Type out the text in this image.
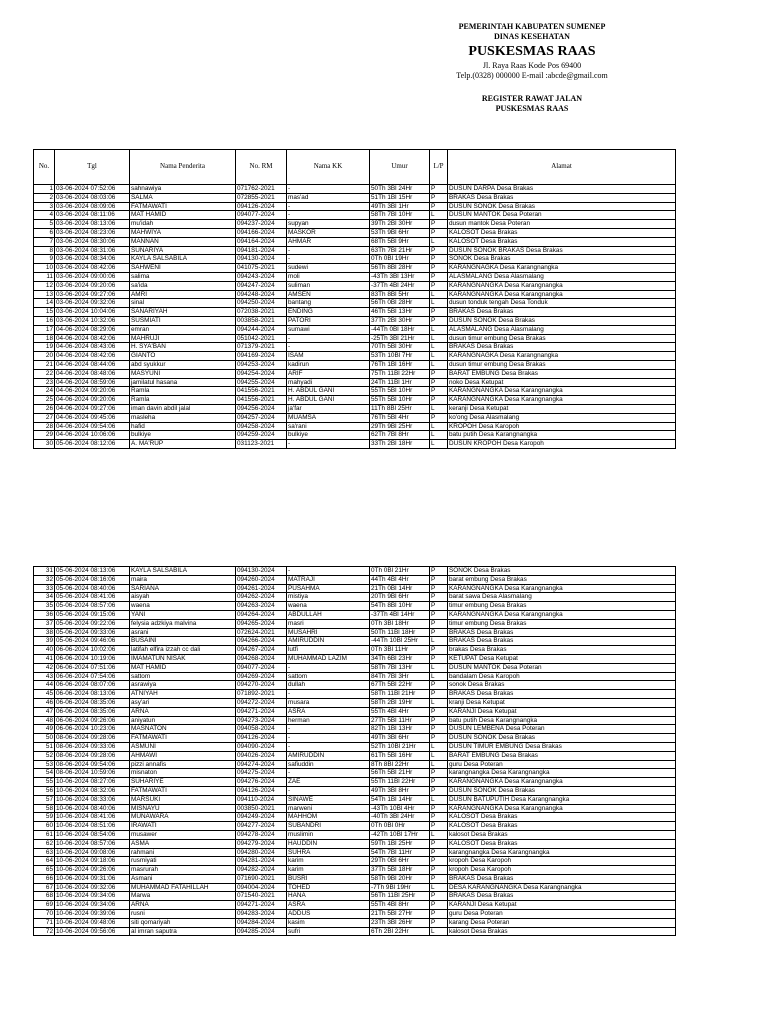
PEMERINTAH KABUPATEN SUMENEP
DINAS KESEHATAN
PUSKESMAS RAAS
Jl. Raya Raas Kode Pos 69400
Telp.(0328) 000000 E-mail :abcde@gmail.com
REGISTER RAWAT JALAN
PUSKESMAS RAAS
No.	Tgl	Nama Penderita	No. RM	Nama KK	Umur	L/P	Alamat
1	03-06-2024 07:52:06	sahnawiya	071762-2021	-	50Th 3Bl 24Hr	P	DUSUN DARPA Desa Brakas
2	03-06-2024 08:03:06	SALMA	072855-2021	mas'ad	51Th 1Bl 15Hr	P	BRAKAS Desa Brakas
3	03-06-2024 08:09:06	FATMAWATI	094126-2024	-	49Th 3Bl 1Hr	P	DUSUN SONOK Desa Brakas
4	03-06-2024 08:11:06	MAT HAMID	094077-2024	-	58Th 7Bl 10Hr	L	DUSUN MANTOK Desa Poteran
5	03-06-2024 08:13:06	mu'idah	094237-2024	supyan	39Th 2Bl 30Hr	P	dusun mantok Desa Poteran
6	03-06-2024 08:23:06	MAHWIYA	094166-2024	MASKOR	53Th 9Bl 6Hr	P	KALOSOT Desa Brakas
7	03-06-2024 08:30:06	MANNAN	094164-2024	AHMAR	68Th 5Bl 9Hr	L	KALOSOT Desa Brakas
8	03-06-2024 08:31:06	SUNARIYA	094181-2024	-	63Th 7Bl 21Hr	P	DUSUN SONOK BRAKAS Desa Brakas
9	03-06-2024 08:34:06	KAYLA SALSABILA	094130-2024	-	0Th 0Bl 19Hr	P	SONOK Desa Brakas
10	03-06-2024 08:42:06	SAHWENI	041075-2021	sudewi	56Th 8Bl 28Hr	P	KARANGNAGKA Desa Karangnangka
11	03-06-2024 09:00:06	salima	094243-2024	moli	-43Th 3Bl 13Hr	P	ALASMALANG Desa Alasmalang
12	03-06-2024 09:20:06	sa'ida	094247-2024	suliman	-37Th 4Bl 24Hr	P	KARANGNANGKA Desa Karangnangka
13	03-06-2024 09:27:06	AMRI	094248-2024	AMSEN	83Th 8Bl 5Hr	L	KARANGNANGKA Desa Karangnangka
14	03-06-2024 09:32:06	sinal	094250-2024	bantang	56Th 0Bl 28Hr	L	dusun tonduk tengah Desa Tonduk
15	03-06-2024 10:04:06	SANARIYAH	072038-2021	ENDING	46Th 5Bl 13Hr	P	BRAKAS Desa Brakas
16	03-06-2024 10:32:06	SUSMIATI	003858-2021	PATORI	37Th 2Bl 30Hr	P	DUSUN SONOK Desa Brakas
17	04-06-2024 08:29:06	emran	094244-2024	sumawi	-44Th 0Bl 18Hr	L	ALASMALANG Desa Alasmalang
18	04-06-2024 08:42:06	MAHRUJI	051042-2021	-	-25Th 3Bl 21Hr	L	dusun timur embung Desa Brakas
19	04-06-2024 08:43:06	H. SYA'BAN	071379-2021	-	70Th 5Bl 30Hr	L	BRAKAS Desa Brakas
20	04-06-2024 08:42:06	GIANTO	094169-2024	ISAM	53Th 10Bl 7Hr	L	KARANGNAGKA Desa Karangnangka
21	04-06-2024 08:44:06	abd syukkur	094253-2024	kadirun	76Th 1Bl 16Hr	L	dusun timur embung Desa Brakas
22	04-06-2024 08:48:06	MASYUNI	094254-2024	ARIF	75Th 11Bl 22Hr	P	BARAT EMBUNG Desa Brakas
23	04-06-2024 08:59:06	jamilatul hasana	094255-2024	mahyadi	24Th 11Bl 1Hr	P	noko Desa Ketupat
24	04-06-2024 09:20:06	Ramla	041556-2021	H. ABDUL GANI	55Th 5Bl 10Hr	P	KARANGNANGKA Desa Karangnangka
25	04-06-2024 09:20:06	Ramla	041556-2021	H. ABDUL GANI	55Th 5Bl 10Hr	P	KARANGNANGKA Desa Karangnangka
26	04-06-2024 09:27:06	iman davin abdil jalal	094256-2024	ja'far	11Th 8Bl 25Hr	L	keranji Desa Ketupat
27	04-06-2024 09:45:06	masleha	094257-2024	MUAMSA	76Th 5Bl 4Hr	P	ko'ong Desa Alasmalang
28	04-06-2024 09:54:06	hafid	094258-2024	sa'rani	29Th 9Bl 25Hr	L	KROPOH Desa Karopoh
29	04-06-2024 10:06:06	bulkiye	094259-2024	bulkiye	62Th 7Bl 8Hr	L	batu putih Desa Karangnangka
30	05-06-2024 08:12:06	A. MA'RUP	031123-2021	-	33Th 2Bl 18Hr	L	DUSUN KROPOH Desa Karopoh
31	05-06-2024 08:13:06	KAYLA SALSABILA	094130-2024	-	0Th 0Bl 21Hr	P	SONOK Desa Brakas
32	05-06-2024 08:16:06	maira	094260-2024	MATRAJI	44Th 4Bl 4Hr	P	barat embung Desa Brakas
33	05-06-2024 08:40:06	SARIANA	094261-2024	PUSAHMA	21Th 0Bl 14Hr	P	KARANGNANGKA Desa Karangnangka
34	05-06-2024 08:41:06	aisyah	094262-2024	mistiya	20Th 9Bl 6Hr	P	barat sawa Desa Alasmalang
35	05-06-2024 08:57:06	waena	094263-2024	waena	54Th 8Bl 10Hr	P	timur embung Desa Brakas
36	05-06-2024 09:15:06	YANI	094264-2024	ABDULLAH	-37Th 4Bl 14Hr	P	KARANGNANGKA Desa Karangnangka
37	05-06-2024 09:22:06	felysia adzkiya malvina	094265-2024	masri	0Th 3Bl 18Hr	P	timur embung Desa Brakas
38	05-06-2024 09:33:06	asrani	072624-2021	MUSAHRI	50Th 11Bl 18Hr	P	BRAKAS Desa Brakas
39	05-06-2024 09:46:06	BUSAINI	094266-2024	AMIRUDDIN	-44Th 10Bl 25Hr	L	BRAKAS Desa Brakas
40	06-06-2024 10:02:06	latifah elfira izzah cc dali	094267-2024	lutfi	0Th 3Bl 11Hr	P	brakas Desa Brakas
41	06-06-2024 10:19:06	IMAMATUN NISAK	094268-2024	MUHAMMAD LAZIM	34Th 6Bl 23Hr	P	KETUPAT Desa Ketupat
42	06-06-2024 07:51:06	MAT HAMID	094077-2024	-	58Th 7Bl 13Hr	L	DUSUN MANTOK Desa Poteran
43	06-06-2024 07:54:06	sattom	094269-2024	sattom	84Th 7Bl 3Hr	L	bandalam Desa Karopoh
44	06-06-2024 08:07:06	asrawiya	094270-2024	dullah	67Th 5Bl 22Hr	P	sonok Desa Brakas
45	06-06-2024 08:13:06	ATNIYAH	071892-2021	-	58Th 11Bl 21Hr	P	BRAKAS Desa Brakas
46	06-06-2024 08:35:06	asy'ari	094272-2024	musara	58Th 2Bl 19Hr	L	kranji Desa Ketupat
47	06-06-2024 08:35:06	ARNA	094271-2024	ASRA	55Th 4Bl 4Hr	P	KARANJI Desa Ketupat
48	06-06-2024 09:26:06	aniyatun	094273-2024	herman	27Th 5Bl 11Hr	P	batu putih Desa Karangnangka
49	06-06-2024 10:23:06	MASNATON	094058-2024	-	82Th 1Bl 13Hr	P	DUSUN LEMBENA Desa Poteran
50	08-06-2024 09:28:06	FATMAWATI	094126-2024	-	49Th 3Bl 6Hr	P	DUSUN SONOK Desa Brakas
51	08-06-2024 09:33:06	ASMUNI	094090-2024	-	52Th 10Bl 21Hr	L	DUSUN TIMUR EMBUNG Desa Brakas
52	08-06-2024 09:28:06	AHMAWI	094026-2024	AMIRUDDIN	61Th 5Bl 16Hr	L	BARAT EMBUNG Desa Brakas
53	08-06-2024 09:54:06	pizzi annafis	094274-2024	safiuddin	8Th 8Bl 22Hr	L	guru Desa Poteran
54	08-06-2024 10:59:06	misnaton	094275-2024	-	56Th 5Bl 21Hr	P	karangnangka Desa Karangnangka
55	10-06-2024 08:27:06	SUHARIYE	094276-2024	ZAE	55Th 11Bl 22Hr	P	KARANGNANGKA Desa Karangnangka
56	10-06-2024 08:32:06	FATMAWATI	094126-2024	-	49Th 3Bl 8Hr	P	DUSUN SONOK Desa Brakas
57	10-06-2024 08:33:06	MARSUKI	094110-2024	SINAWE	54Th 1Bl 14Hr	L	DUSUN BATUPUTIH Desa Karangnangka
58	10-06-2024 08:40:06	MISNAYU	003850-2021	marweni	-43Th 10Bl 4Hr	P	KARANGNANGKA Desa Karangnangka
59	10-06-2024 08:41:06	MUNAWARA	094249-2024	MAHHOM	-40Th 3Bl 24Hr	P	KALOSOT Desa Brakas
60	10-06-2024 08:51:06	IRAWATI	094277-2024	SUBANDRI	0Th 0Bl 0Hr	P	KALOSOT Desa Brakas
61	10-06-2024 08:54:06	musawer	094278-2024	muslimin	-42Th 10Bl 17Hr	L	kalosot Desa Brakas
62	10-06-2024 08:57:06	ASMA	094279-2024	HAUDDIN	59Th 1Bl 25Hr	P	KALOSOT Desa Brakas
63	10-06-2024 09:08:06	rahmani	094280-2024	SUHRA	54Th 7Bl 11Hr	P	karangnangka Desa Karangnangka
64	10-06-2024 09:18:06	rusmiyati	094281-2024	karim	29Th 0Bl 6Hr	P	kropoh Desa Karopoh
65	10-06-2024 09:26:06	masrurah	094282-2024	karim	37Th 5Bl 18Hr	P	kropoh Desa Karopoh
66	10-06-2024 09:31:06	Asmani	071690-2021	BUSRI	58Th 9Bl 20Hr	P	BRAKAS Desa Brakas
67	10-06-2024 09:32:06	MUHAMMAD FATAHILLAH	094004-2024	TOHED	-7Th 9Bl 19Hr	L	DESA KARANGNANGKA Desa Karangnangka
68	10-06-2024 09:34:06	Marwa	071540-2021	HANA	56Th 11Bl 25Hr	P	BRAKAS Desa Brakas
69	10-06-2024 09:34:06	ARNA	094271-2024	ASRA	55Th 4Bl 8Hr	P	KARANJI Desa Ketupat
70	10-06-2024 09:39:06	rusni	094283-2024	ADDUS	21Th 5Bl 27Hr	P	guru Desa Poteran
71	10-06-2024 09:48:06	siti qomariyah	094284-2024	kasim	23Th 3Bl 26Hr	P	karang Desa Poteran
72	10-06-2024 09:56:06	al imran saputra	094285-2024	sufri	6Th 2Bl 22Hr	L	kalosot Desa Brakas
